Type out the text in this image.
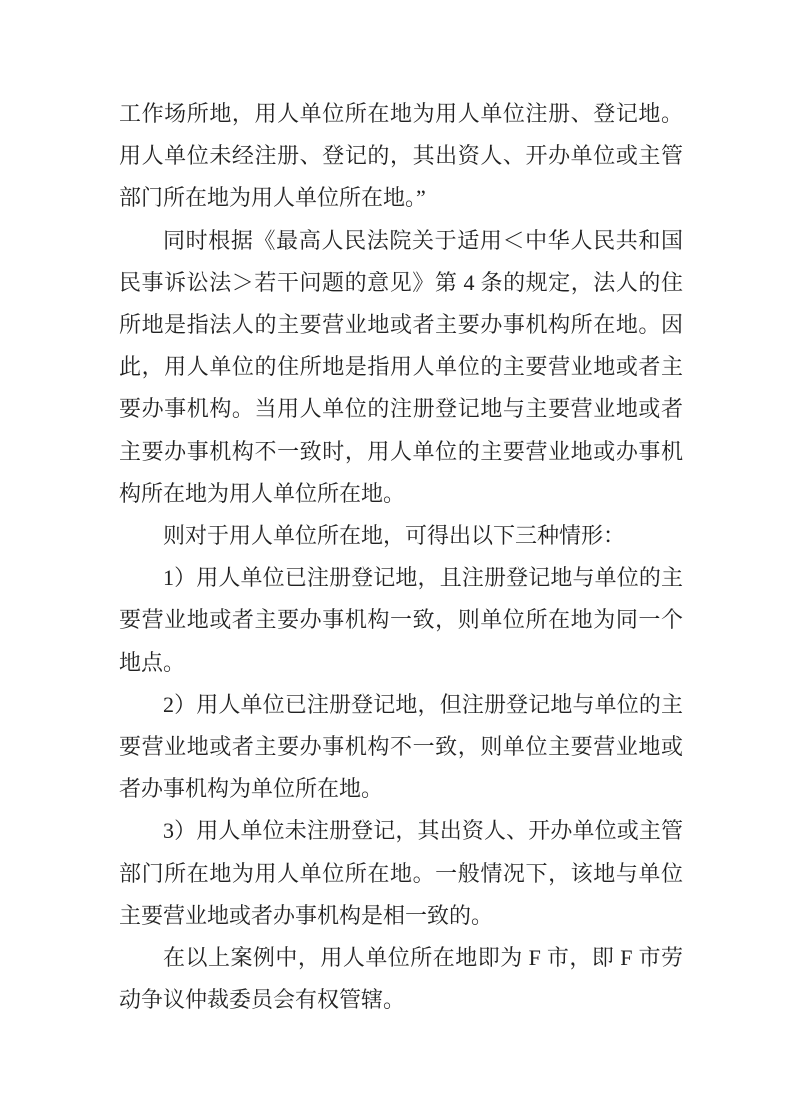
工作场所地，用人单位所在地为用人单位注册、登记地。
用人单位未经注册、登记的，其出资人、开办单位或主管
部门所在地为用人单位所在地。”
同时根据《最高人民法院关于适用＜中华人民共和国
民事诉讼法＞若干问题的意见》第 4 条的规定，法人的住
所地是指法人的主要营业地或者主要办事机构所在地。因
此，用人单位的住所地是指用人单位的主要营业地或者主
要办事机构。当用人单位的注册登记地与主要营业地或者
主要办事机构不一致时，用人单位的主要营业地或办事机
构所在地为用人单位所在地。
则对于用人单位所在地，可得出以下三种情形：
1）用人单位已注册登记地，且注册登记地与单位的主
要营业地或者主要办事机构一致，则单位所在地为同一个
地点。
2）用人单位已注册登记地，但注册登记地与单位的主
要营业地或者主要办事机构不一致，则单位主要营业地或
者办事机构为单位所在地。
3）用人单位未注册登记，其出资人、开办单位或主管
部门所在地为用人单位所在地。一般情况下，该地与单位
主要营业地或者办事机构是相一致的。
在以上案例中，用人单位所在地即为 F 市，即 F 市劳
动争议仲裁委员会有权管辖。
